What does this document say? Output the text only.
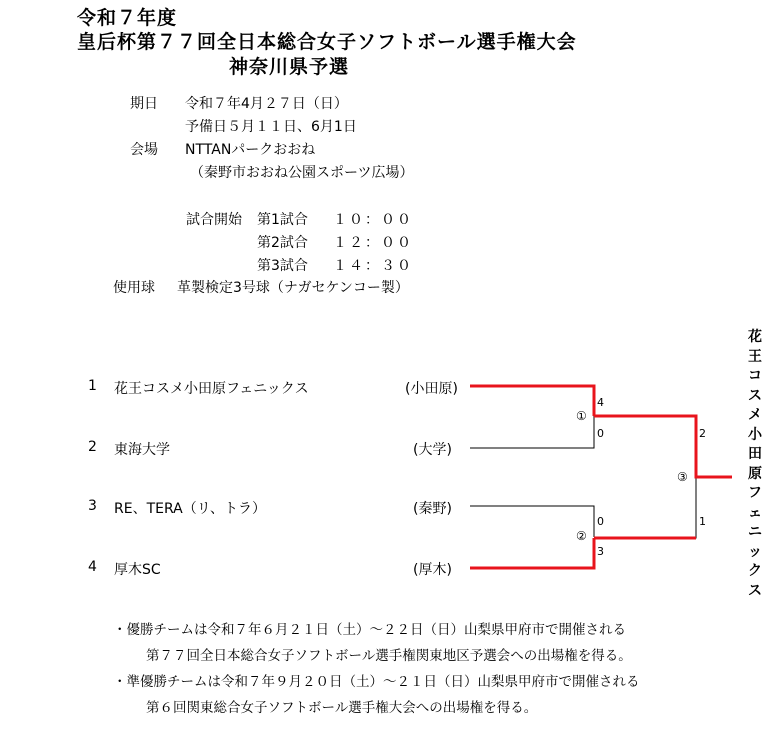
令和７年度
皇后杯第７７回全日本総合女子ソフトボール選手権大会
神奈川県予選
期日 令和７年4月２７日（日）
予備日５月１１日、6月1日
会場 NTTANパークおおね
（秦野市おおね公園スポーツ広場）
試合開始 第1試合 １０：００
第2試合 １２：００
第3試合 １４：３０
使用球 革製検定3号球（ナガセケンコー製）
1 花王コスメ小田原フェニックス	(小田原)
2 東海大学	(大学)
3 RE、TERA（リ、トラ）	(秦野)
4 厚木SC	(厚木)
①
4
0
②
0
3
③
2
1
花王コスメ小田原フェニックス
・優勝チームは令和７年６月２１日（土）～２２日（日）山梨県甲府市で開催される
第７７回全日本総合女子ソフトボール選手権関東地区予選会への出場権を得る。
・準優勝チームは令和７年９月２０日（土）～２１日（日）山梨県甲府市で開催される
第６回関東総合女子ソフトボール選手権大会への出場権を得る。
